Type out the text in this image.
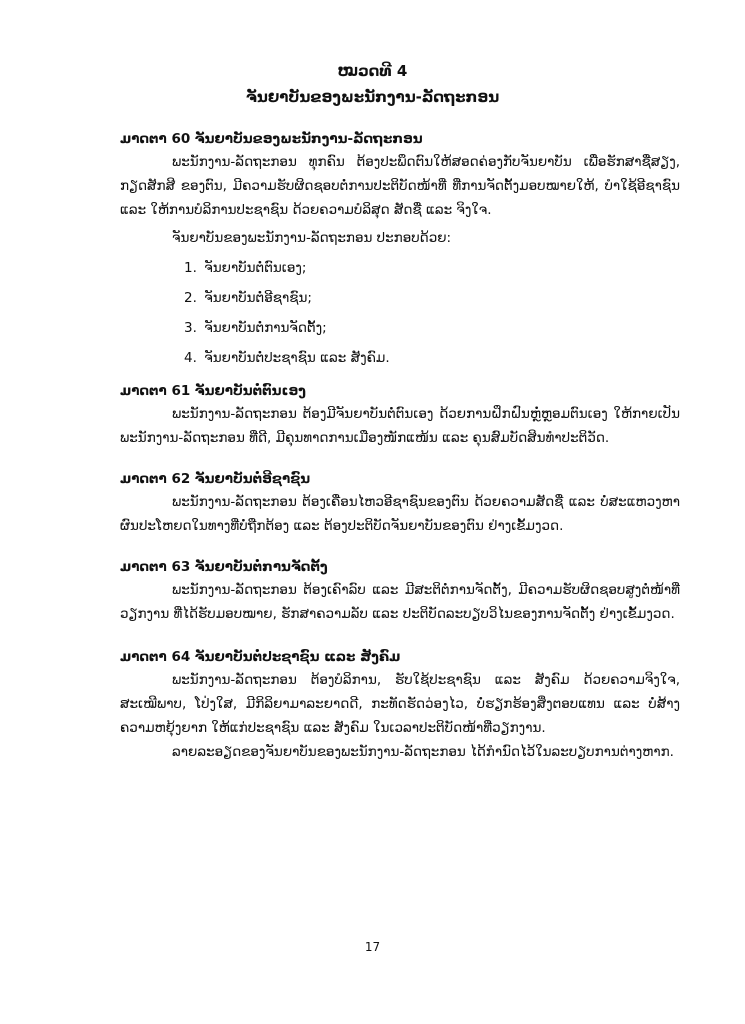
ໝວດທີ 4

ຈັນຍາບັນຂອງພະນັກງານ-ລັດຖະກອນ

ມາດຕາ 60 ຈັນຍາບັນຂອງພະນັກງານ-ລັດຖະກອນ

ພະນັກງານ-ລັດຖະກອນ ທຸກຄົນ ຕ້ອງປະພຶດຕົນໃຫ້ສອດຄ່ອງກັບຈັນຍາບັນ ເພື່ອຮັກສາຊື່ສຽງ, ກຽດສັກສີ ຂອງຕົນ, ມີຄວາມຮັບຜິດຊອບຕໍ່ການປະຕິບັດໜ້າທີ່ ທີ່ການຈັດຕັ້ງມອບໝາຍໃຫ້, ບຳໃຊ້ອີຊາຊົນ ແລະ ໃຫ້ການບໍລິການປະຊາຊົນ ດ້ວຍຄວາມບໍລິສຸດ ສັດຊື່ ແລະ ຈິງໃຈ.

ຈັນຍາບັນຂອງພະນັກງານ-ລັດຖະກອນ ປະກອບດ້ວຍ:

1. ຈັນຍາບັນຕໍ່ຕົນເອງ;
2. ຈັນຍາບັນຕໍ່ອີຊາຊົນ;
3. ຈັນຍາບັນຕໍ່ການຈັດຕັ້ງ;
4. ຈັນຍາບັນຕໍ່ປະຊາຊົນ ແລະ ສັງຄົມ.

ມາດຕາ 61 ຈັນຍາບັນຕໍ່ຕົນເອງ

ພະນັກງານ-ລັດຖະກອນ ຕ້ອງມີຈັນຍາບັນຕໍ່ຕົນເອງ ດ້ວຍການຝຶກຝົນຫຼໍ່ຫຼອມຕົນເອງ ໃຫ້ກາຍເປັນພະນັກງານ-ລັດຖະກອນ ທີ່ດີ, ມີຄຸນທາດການເມືອງໜັກແໜ້ນ ແລະ ຄຸນສົມບັດສິນທຳປະຕິວັດ.

ມາດຕາ 62 ຈັນຍາບັນຕໍ່ອີຊາຊົນ

ພະນັກງານ-ລັດຖະກອນ ຕ້ອງເຄື່ອນໄຫວອີຊາຊົນຂອງຕົນ ດ້ວຍຄວາມສັດຊື່ ແລະ ບໍ່ສະແຫວງຫາຜົນປະໂຫຍດໃນທາງທີ່ບໍ່ຖືກຕ້ອງ ແລະ ຕ້ອງປະຕິບັດຈັນຍາບັນຂອງຕົນ ຢ່າງເຂັ້ມງວດ.

ມາດຕາ 63 ຈັນຍາບັນຕໍ່ການຈັດຕັ້ງ

ພະນັກງານ-ລັດຖະກອນ ຕ້ອງເຄົາລົບ ແລະ ມີສະຕິຕໍ່ການຈັດຕັ້ງ, ມີຄວາມຮັບຜິດຊອບສູງຕໍ່ໜ້າທີ່ວຽກງານ ທີ່ໄດ້ຮັບມອບໝາຍ, ຮັກສາຄວາມລັບ ແລະ ປະຕິບັດລະບຽບວິໄນຂອງການຈັດຕັ້ງ ຢ່າງເຂັ້ມງວດ.

ມາດຕາ 64 ຈັນຍາບັນຕໍ່ປະຊາຊົນ ແລະ ສັງຄົມ

ພະນັກງານ-ລັດຖະກອນ ຕ້ອງບໍລິການ, ຮັບໃຊ້ປະຊາຊົນ ແລະ ສັງຄົມ ດ້ວຍຄວາມຈິງໃຈ, ສະເໝີພາບ, ໂປ່ງໃສ, ມີກິລິຍາມາລະຍາດດີ, ກະທັດຮັດວ່ອງໄວ, ບໍ່ຮຽກຮ້ອງສິ່ງຕອບແທນ ແລະ ບໍ່ສ້າງຄວາມຫຍຸ້ງຍາກ ໃຫ້ແກ່ປະຊາຊົນ ແລະ ສັງຄົມ ໃນເວລາປະຕິບັດໜ້າທີ່ວຽກງານ.

ລາຍລະອຽດຂອງຈັນຍາບັນຂອງພະນັກງານ-ລັດຖະກອນ ໄດ້ກຳນົດໄວ້ໃນລະບຽບການຕ່າງຫາກ.

17
